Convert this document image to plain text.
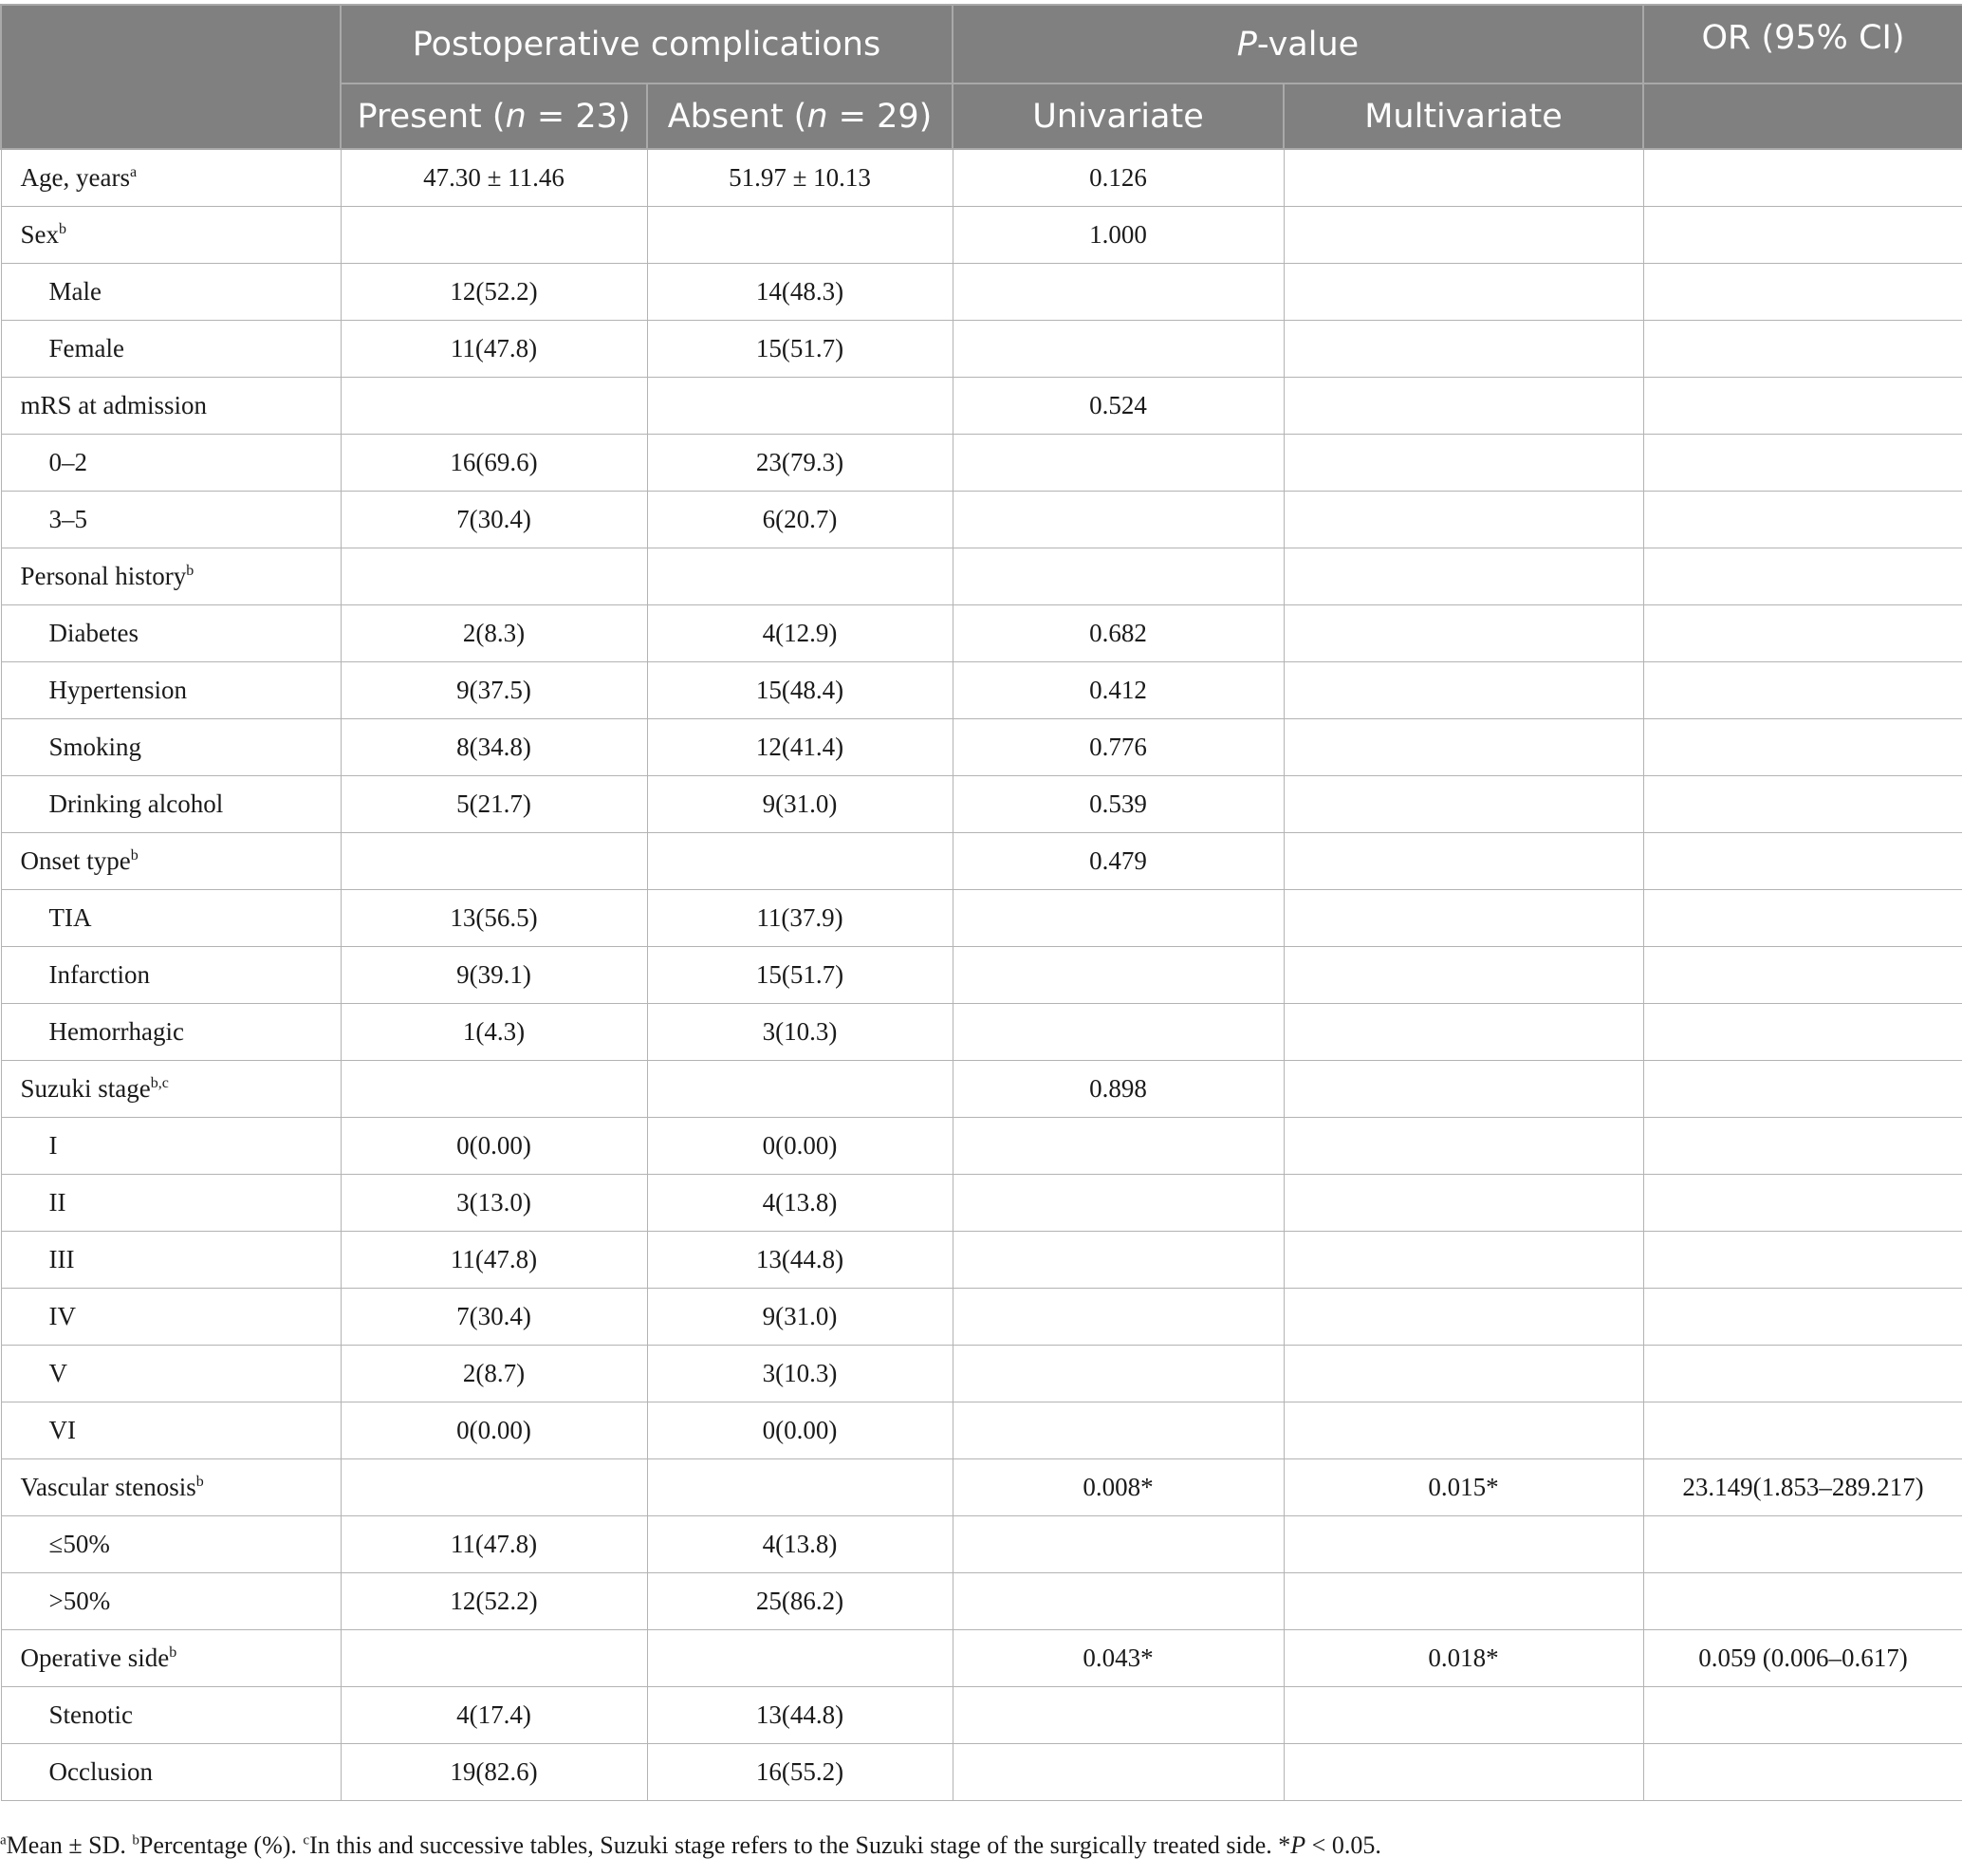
	Postoperative complications		P-value		OR (95% CI)
	Present (n = 23)	Absent (n = 29)	Univariate	Multivariate	
Age, years$^a$	47.30 ± 11.46	51.97 ± 10.13	0.126		
Sex$^b$			1.000		
Male	12(52.2)	14(48.3)			
Female	11(47.8)	15(51.7)			
mRS at admission			0.524		
0–2	16(69.6)	23(79.3)			
3–5	7(30.4)	6(20.7)			
Personal history$^b$					
Diabetes	2(8.3)	4(12.9)	0.682		
Hypertension	9(37.5)	15(48.4)	0.412		
Smoking	8(34.8)	12(41.4)	0.776		
Drinking alcohol	5(21.7)	9(31.0)	0.539		
Onset type$^b$			0.479		
TIA	13(56.5)	11(37.9)			
Infarction	9(39.1)	15(51.7)			
Hemorrhagic	1(4.3)	3(10.3)			
Suzuki stage$^{b,c}$			0.898		
I	0(0.00)	0(0.00)			
II	3(13.0)	4(13.8)			
III	11(47.8)	13(44.8)			
IV	7(30.4)	9(31.0)			
V	2(8.7)	3(10.3)			
VI	0(0.00)	0(0.00)			
Vascular stenosis$^b$			0.008*	0.015*	23.149(1.853–289.217)
≤50%	11(47.8)	4(13.8)			
>50%	12(52.2)	25(86.2)			
Operative side$^b$			0.043*	0.018*	0.059 (0.006–0.617)
Stenotic	4(17.4)	13(44.8)			
Occlusion	19(82.6)	16(55.2)			
$^a$Mean ± SD. $^b$Percentage (%). $^c$In this and successive tables, Suzuki stage refers to the Suzuki stage of the surgically treated side. *P < 0.05.
